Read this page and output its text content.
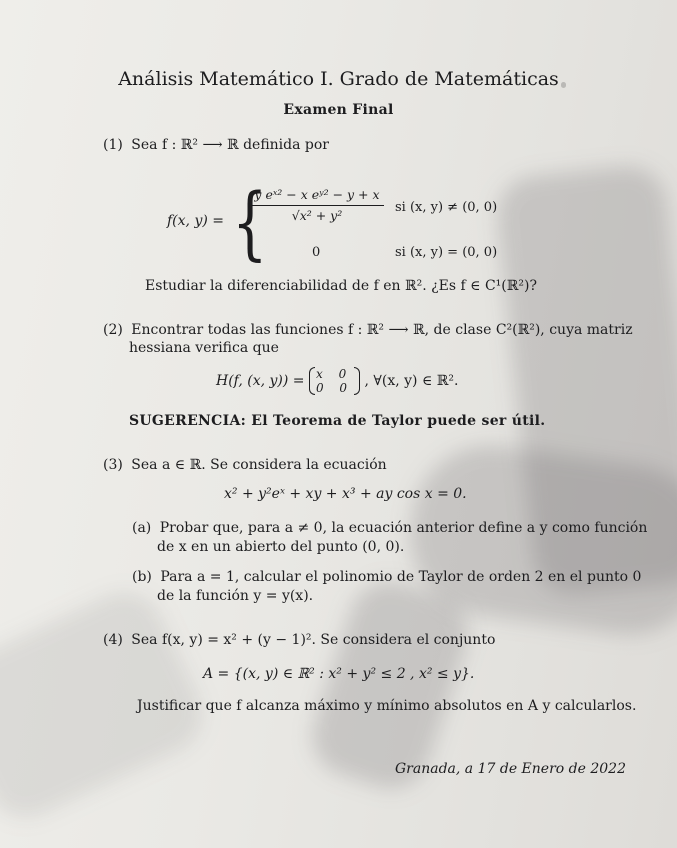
Análisis Matemático I. Grado de Matemáticas
Examen Final
(1) Sea f : ℝ² ⟶ ℝ definida por
f(x, y) = {
$\frac{\text{y eˣ² − x eʸ² − y + x}}{\text{√x² + y²}}$ si (x, y) ≠ (0, 0)
0	si (x, y) = (0, 0)
Estudiar la diferenciabilidad de f en ℝ². ¿Es f ∈ C¹(ℝ²)?
(2) Encontrar todas las funciones f : ℝ² ⟶ ℝ, de clase C²(ℝ²), cuya matriz
hessiana verifica que
H(f, (x, y)) = x 0
0 0 , ∀(x, y) ∈ ℝ².
SUGERENCIA: El Teorema de Taylor puede ser útil.
(3) Sea a ∈ ℝ. Se considera la ecuación
x² + y²eˣ + xy + x³ + ay cos x = 0.
(a) Probar que, para a ≠ 0, la ecuación anterior define a y como función
de x en un abierto del punto (0, 0).
(b) Para a = 1, calcular el polinomio de Taylor de orden 2 en el punto 0
de la función y = y(x).
(4) Sea f(x, y) = x² + (y − 1)². Se considera el conjunto
A = {(x, y) ∈ ℝ² : x² + y² ≤ 2 , x² ≤ y}.
Justificar que f alcanza máximo y mínimo absolutos en A y calcularlos.
Granada, a 17 de Enero de 2022
